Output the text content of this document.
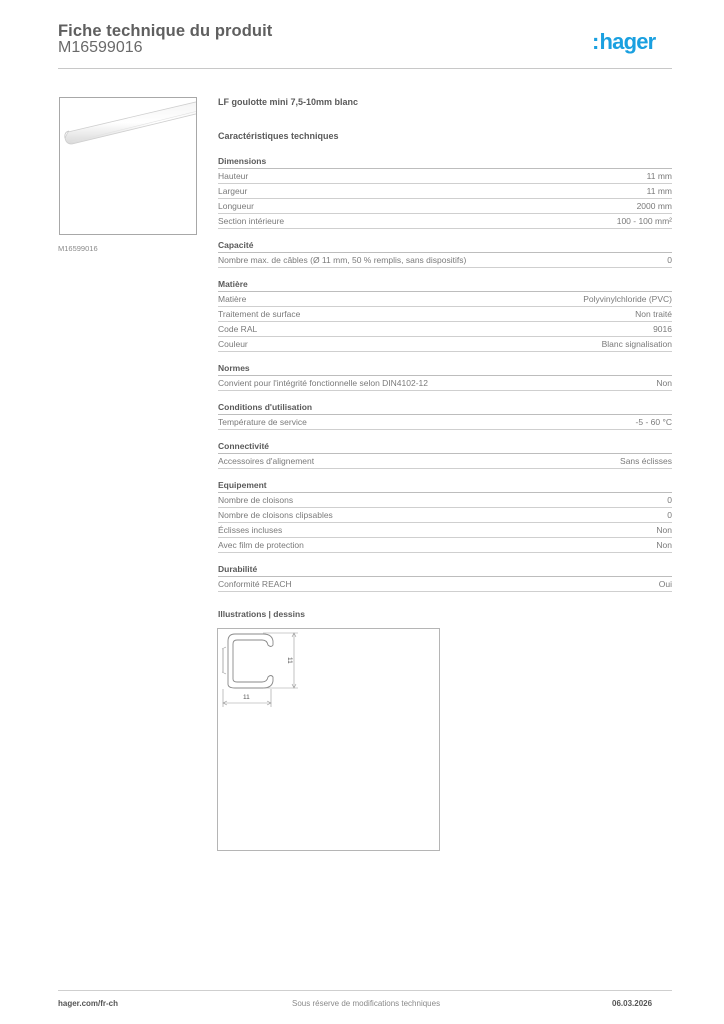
Fiche technique du produit
M16599016	:hager
M16599016
LF goulotte mini 7,5-10mm blanc
Caractéristiques techniques
Dimensions
Hauteur	11 mm
Largeur	11 mm
Longueur	2000 mm
Section intérieure	100 - 100 mm²
Capacité
Nombre max. de câbles (Ø 11 mm, 50 % remplis, sans dispositifs)	0
Matière
Matière	Polyvinylchloride (PVC)
Traitement de surface	Non traité
Code RAL	9016
Couleur	Blanc signalisation
Normes
Convient pour l'intégrité fonctionnelle selon DIN4102-12	Non
Conditions d'utilisation
Température de service	-5 - 60 °C
Connectivité
Accessoires d'alignement	Sans éclisses
Equipement
Nombre de cloisons	0
Nombre de cloisons clipsables	0
Éclisses incluses	Non
Avec film de protection	Non
Durabilité
Conformité REACH	Oui
Illustrations | dessins
11
11
hager.com/fr-ch	Sous réserve de modifications techniques	06.03.2026
